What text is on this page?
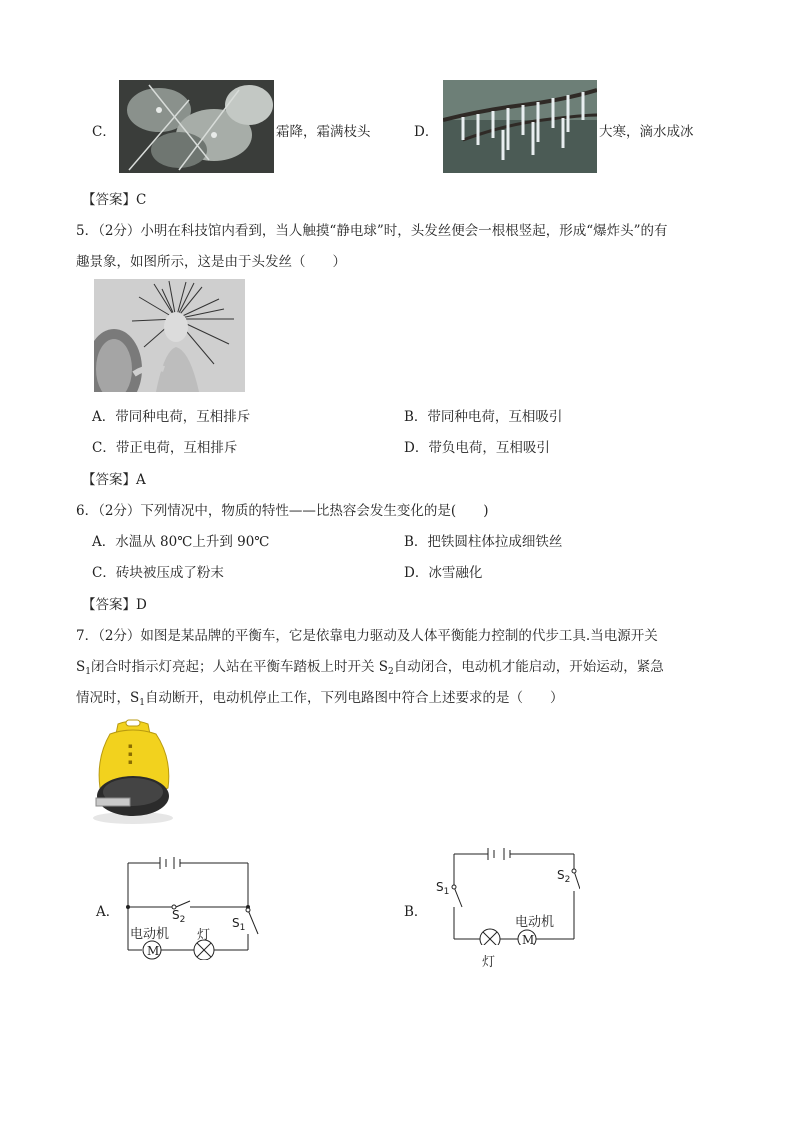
C．	霜降，霜满枝头	D．	大寒，滴水成冰
【答案】C
5．（2分）小明在科技馆内看到，当人触摸“静电球”时，头发丝便会一根根竖起，形成“爆炸头”的有
趣景象，如图所示，这是由于头发丝（　　）
A．带同种电荷，互相排斥	B．带同种电荷，互相吸引
C．带正电荷，互相排斥	D．带负电荷，互相吸引
【答案】A
6．（2分）下列情况中，物质的特性——比热容会发生变化的是(　　)
A．水温从 80℃上升到 90℃	B．把铁圆柱体拉成细铁丝
C．砖块被压成了粉末	D．冰雪融化
【答案】D
7．（2分）如图是某品牌的平衡车，它是依靠电力驱动及人体平衡能力控制的代步工具.当电源开关
$S_1$闭合时指示灯亮起；人站在平衡车踏板上时开关 $S_2$自动闭合，电动机才能启动，开始运动，紧急
情况时，$S_1$自动断开，电动机停止工作，下列电路图中符合上述要求的是（　　）
▪
▪
▪
A．
M
$S_2$	$S_1$
电动机 灯
B．
M
$S_1$
$S_2$
电动机
灯
